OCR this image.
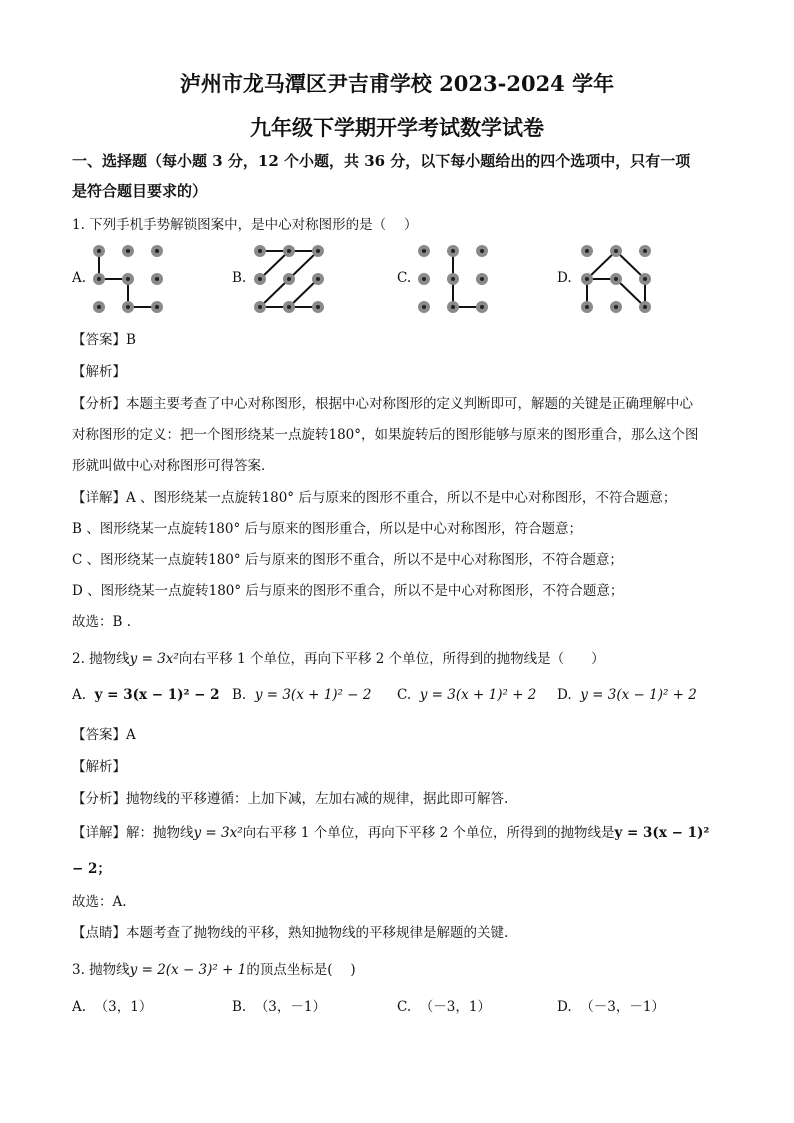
泸州市龙马潭区尹吉甫学校 2023-2024 学年
九年级下学期开学考试数学试卷
一、选择题（每小题 3 分，12 个小题，共 36 分，以下每小题给出的四个选项中，只有一项
是符合题目要求的）
1. 下列手机手势解锁图案中，是中心对称图形的是（　 ）
A.	B.	C.	D.
【答案】B
【解析】
【分析】本题主要考查了中心对称图形，根据中心对称图形的定义判断即可，解题的关键是正确理解中心
对称图形的定义：把一个图形绕某一点旋转180°，如果旋转后的图形能够与原来的图形重合，那么这个图
形就叫做中心对称图形可得答案．
【详解】A 、图形绕某一点旋转180° 后与原来的图形不重合，所以不是中心对称图形，不符合题意；
B 、图形绕某一点旋转180° 后与原来的图形重合，所以是中心对称图形，符合题意；
C 、图形绕某一点旋转180° 后与原来的图形不重合，所以不是中心对称图形，不符合题意；
D 、图形绕某一点旋转180° 后与原来的图形不重合，所以不是中心对称图形，不符合题意；
故选：B .
2. 抛物线y = 3x²向右平移 1 个单位，再向下平移 2 个单位，所得到的抛物线是（　　）
A. y = 3(x − 1)² − 2 B. y = 3(x + 1)² − 2 C. y = 3(x + 1)² + 2 D. y = 3(x − 1)² + 2
【答案】A
【解析】
【分析】抛物线的平移遵循：上加下减，左加右减的规律，据此即可解答.
【详解】解：抛物线y = 3x²向右平移 1 个单位，再向下平移 2 个单位，所得到的抛物线是y = 3(x − 1)²
− 2；
故选：A.
【点睛】本题考查了抛物线的平移，熟知抛物线的平移规律是解题的关键.
3. 抛物线y = 2(x − 3)² + 1的顶点坐标是(　 )
A. （3，1）	B. （3，－1）	C. （－3，1）	D. （－3，－1）
